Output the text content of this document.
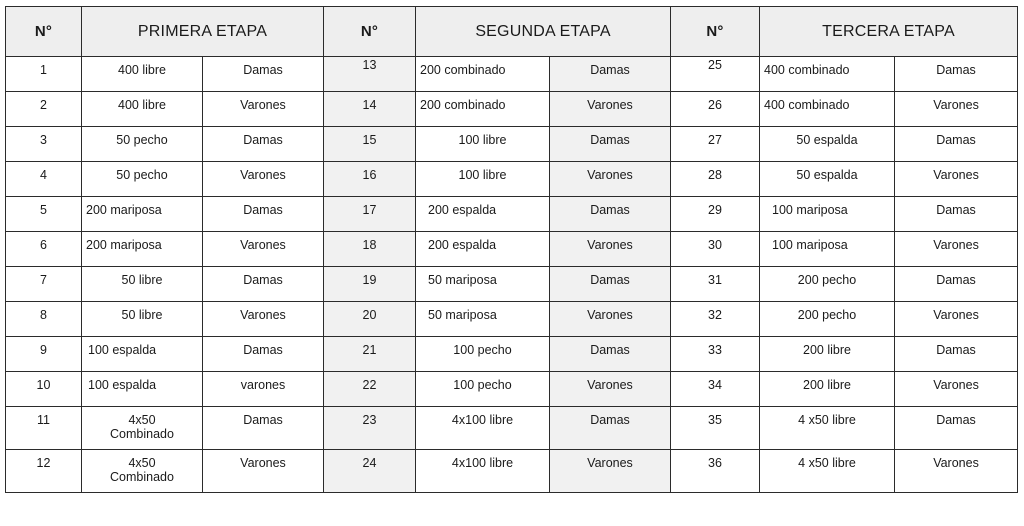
N°	PRIMERA ETAPA		N°	SEGUNDA ETAPA		N°	TERCERA ETAPA	
1	400 libre	Damas	13	200 combinado	Damas	25	400 combinado	Damas
2	400 libre	Varones	14	200 combinado	Varones	26	400 combinado	Varones
3	50 pecho	Damas	15	100 libre	Damas	27	50 espalda	Damas
4	50 pecho	Varones	16	100 libre	Varones	28	50 espalda	Varones
5	200 mariposa	Damas	17	200 espalda	Damas	29	100 mariposa	Damas
6	200 mariposa	Varones	18	200 espalda	Varones	30	100 mariposa	Varones
7	50 libre	Damas	19	50 mariposa	Damas	31	200 pecho	Damas
8	50 libre	Varones	20	50 mariposa	Varones	32	200 pecho	Varones
9	100 espalda	Damas	21	100 pecho	Damas	33	200 libre	Damas
10	100 espalda	varones	22	100 pecho	Varones	34	200 libre	Varones
11	4x50
Combinado	Damas	23	4x100 libre	Damas	35	4 x50 libre	Damas
12	4x50
Combinado	Varones	24	4x100 libre	Varones	36	4 x50 libre	Varones
